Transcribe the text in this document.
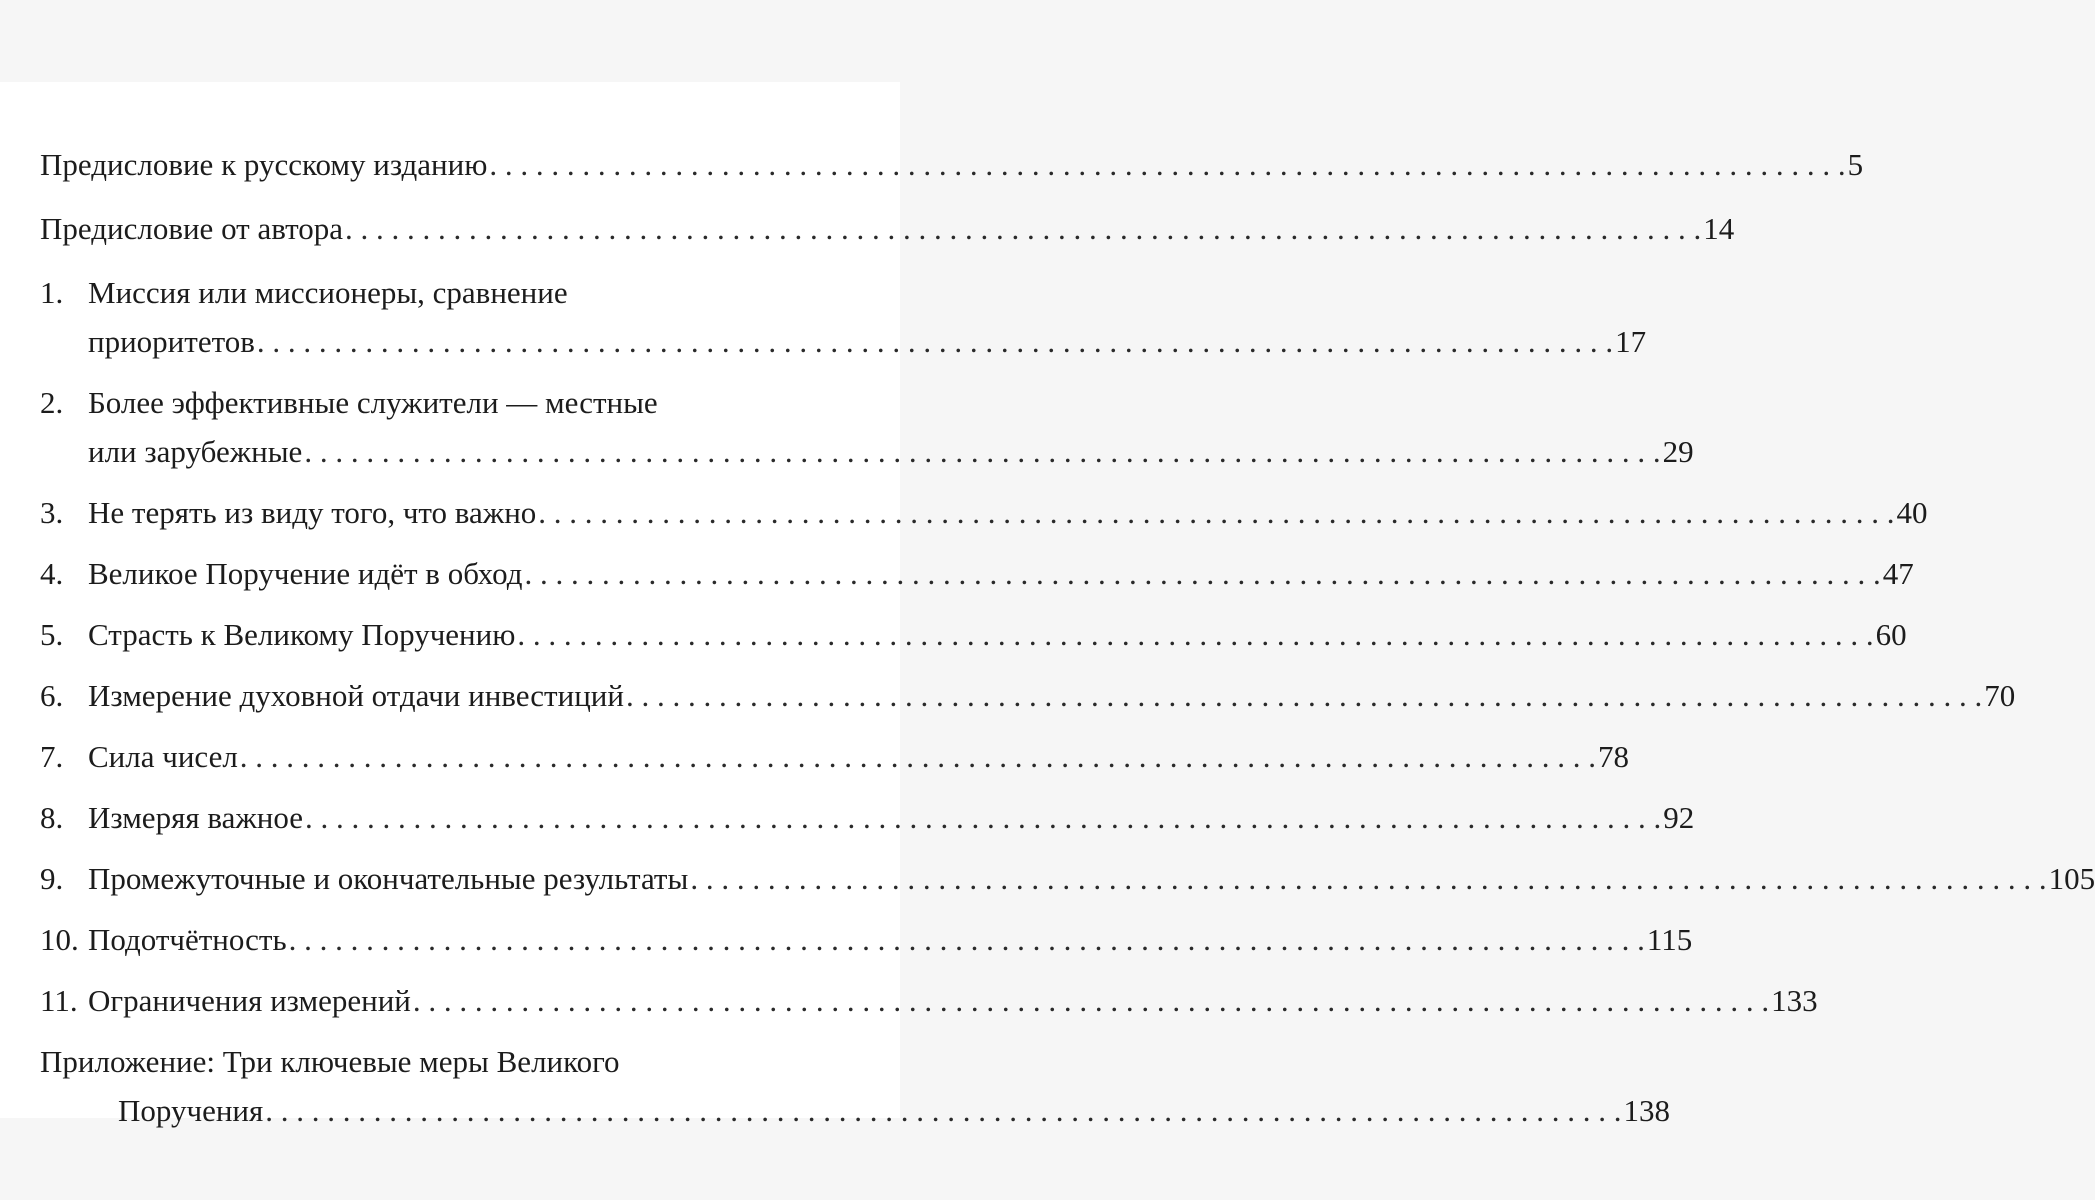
Предисловие к русскому изданию . . .	5
Предисловие от автора . . .	14
1. Миссия или миссионеры, сравнение
приоритетов . . .	17
2. Более эффективные служители — местные
или зарубежные . . .	29
3. Не терять из виду того, что важно . . .	40
4. Великое Поручение идёт в обход . . .	47
5. Страсть к Великому Поручению . . .	60
6. Измерение духовной отдачи инвестиций . . .	70
7. Сила чисел . . .	78
8. Измеряя важное . . .	92
9. Промежуточные и окончательные результаты . . .	105
10. Подотчётность . . .	115
11. Ограничения измерений . . .	133
Приложение: Три ключевые меры Великого
Поручения . . .	138
